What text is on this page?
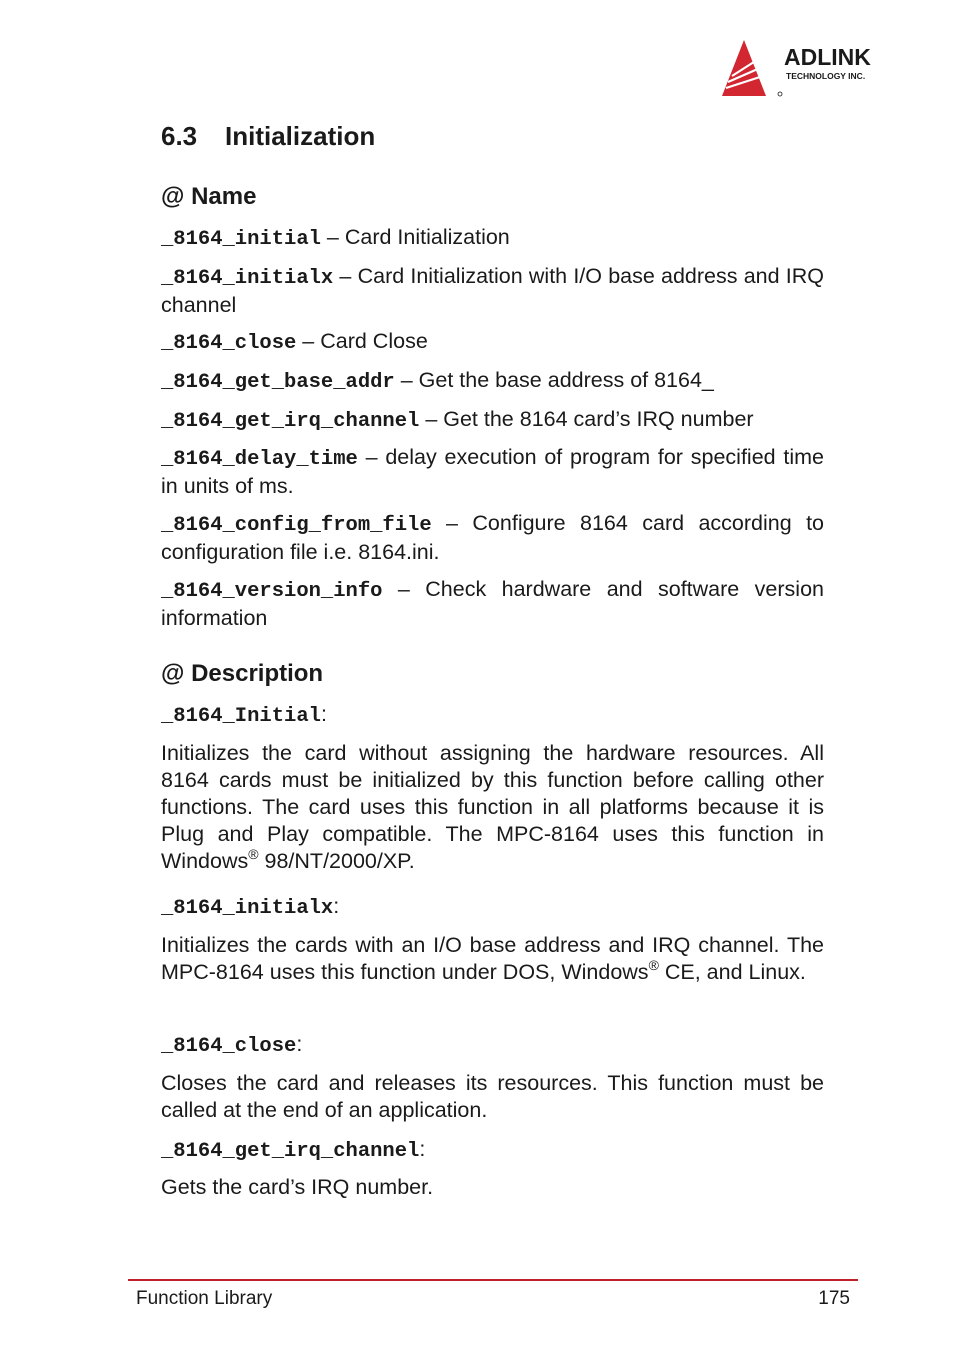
ADLINK
TECHNOLOGY INC.
6.3 Initialization
@ Name

_8164_initial – Card Initialization

_8164_initialx – Card Initialization with I/O base address and IRQ channel

_8164_close – Card Close

_8164_get_base_addr – Get the base address of 8164_

_8164_get_irq_channel – Get the 8164 card’s IRQ number

_8164_delay_time – delay execution of program for specified time in units of ms.

_8164_config_from_file – Configure 8164 card according to configuration file i.e. 8164.ini.

_8164_version_info – Check hardware and software version information

@ Description

_8164_Initial:

Initializes the card without assigning the hardware resources. All 8164 cards must be initialized by this function before calling other functions. The card uses this function in all platforms because it is Plug and Play compatible. The MPC-8164 uses this function in Windows® 98/NT/2000/XP.

_8164_initialx:

Initializes the cards with an I/O base address and IRQ channel. The MPC-8164 uses this function under DOS, Windows® CE, and Linux.

_8164_close:

Closes the card and releases its resources. This function must be called at the end of an application.

_8164_get_irq_channel:

Gets the card’s IRQ number.

Function Library	175
